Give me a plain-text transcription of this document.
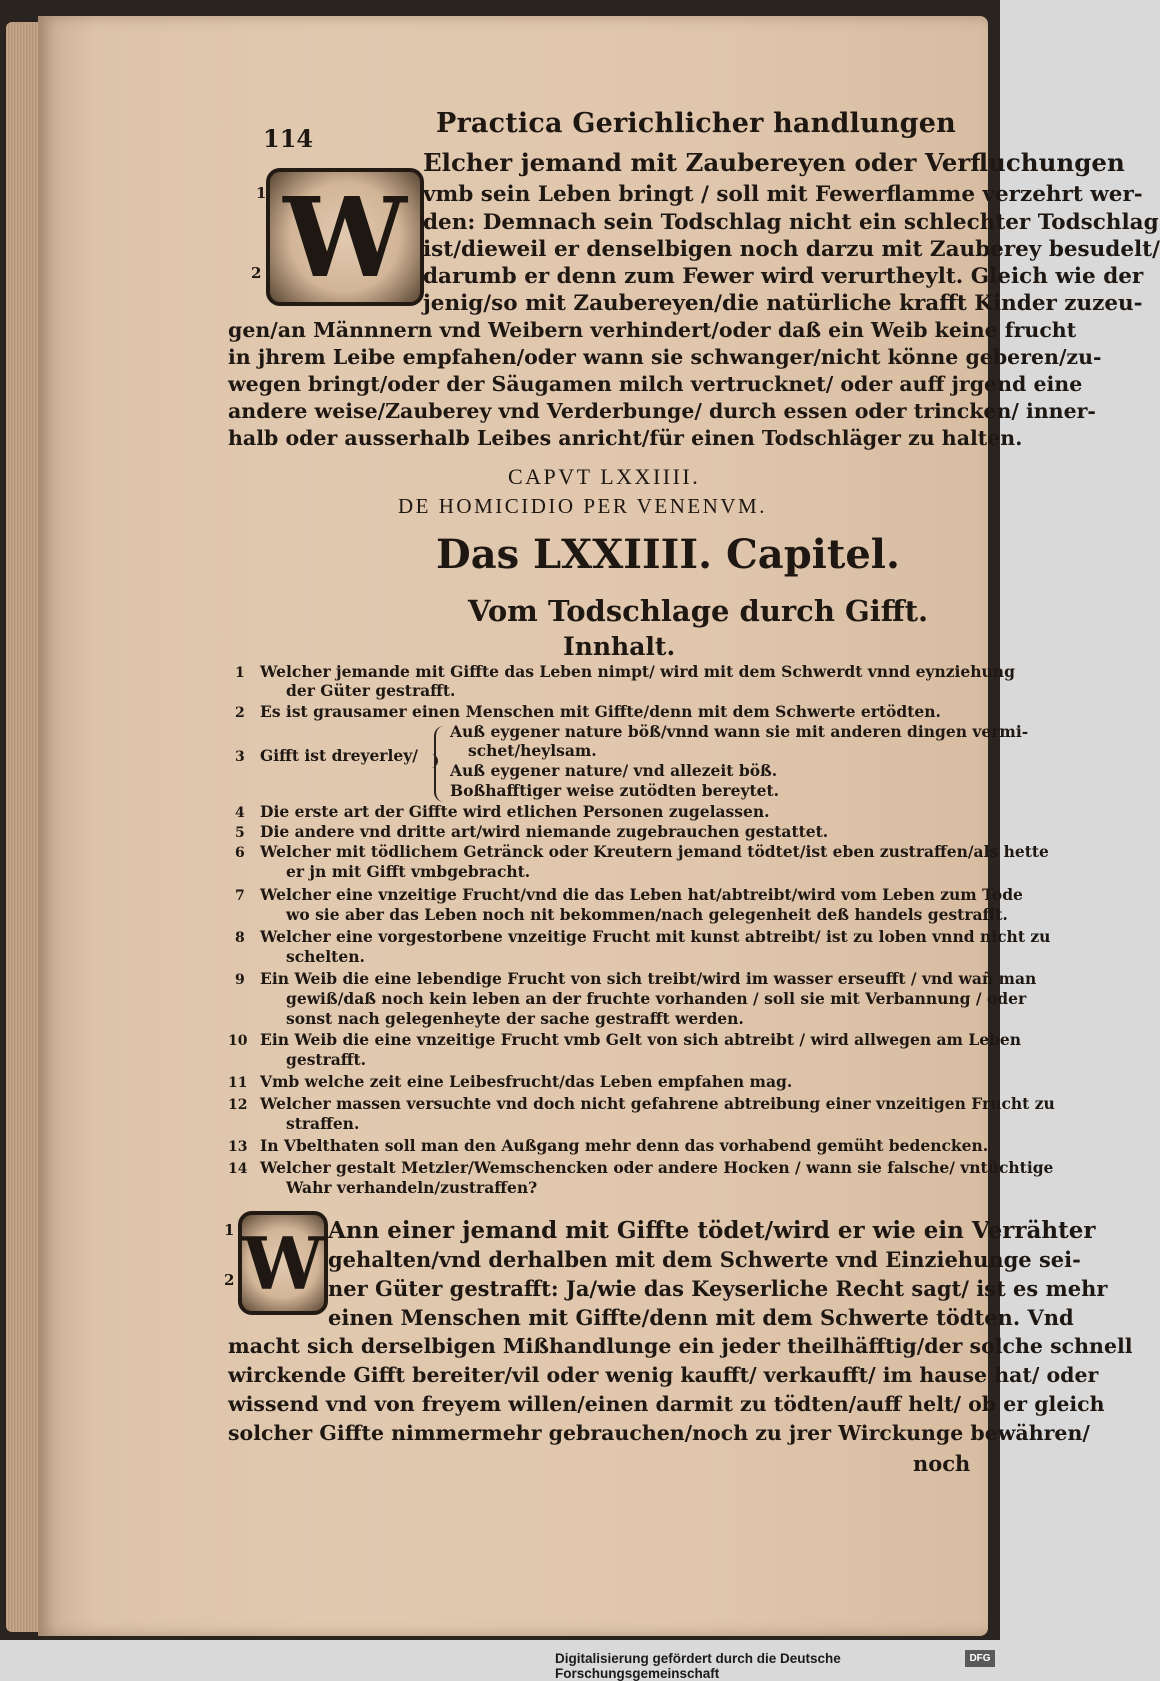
114	Practica Gerichlicher handlungen
W
1
2
Elcher jemand mit Zaubereyen oder Verfluchungen
vmb sein Leben bringt / soll mit Fewerflamme verzehrt wer-
den: Demnach sein Todschlag nicht ein schlechter Todschlag
ist/dieweil er denselbigen noch darzu mit Zauberey besudelt/
darumb er denn zum Fewer wird verurtheylt. Gleich wie der
jenig/so mit Zaubereyen/die natürliche krafft Kinder zuzeu-
gen/an Männnern vnd Weibern verhindert/oder daß ein Weib keine frucht
in jhrem Leibe empfahen/oder wann sie schwanger/nicht könne geberen/zu-
wegen bringt/oder der Säugamen milch vertrucknet/ oder auff jrgend eine
andere weise/Zauberey vnd Verderbunge/ durch essen oder trincken/ inner-
halb oder ausserhalb Leibes anricht/für einen Todschläger zu halten.
CAPVT LXXIIII.
DE HOMICIDIO PER VENENVM.
Das LXXIIII. Capitel.
Vom Todschlage durch Gifft.
Innhalt.
1 Welcher jemande mit Giffte das Leben nimpt/ wird mit dem Schwerdt vnnd eynziehung
der Güter gestrafft.
2 Es ist grausamer einen Menschen mit Giffte/denn mit dem Schwerte ertödten.
3 Gifft ist dreyerley/
Auß eygener nature böß/vnnd wann sie mit anderen dingen vermi-
schet/heylsam.
Auß eygener nature/ vnd allezeit böß.
Boßhafftiger weise zutödten bereytet.
4 Die erste art der Giffte wird etlichen Personen zugelassen.
5 Die andere vnd dritte art/wird niemande zugebrauchen gestattet.
6 Welcher mit tödlichem Getränck oder Kreutern jemand tödtet/ist eben zustraffen/als hette
er jn mit Gifft vmbgebracht.
7 Welcher eine vnzeitige Frucht/vnd die das Leben hat/abtreibt/wird vom Leben zum Tode
wo sie aber das Leben noch nit bekommen/nach gelegenheit deß handels gestrafft.
8 Welcher eine vorgestorbene vnzeitige Frucht mit kunst abtreibt/ ist zu loben vnnd nicht zu
schelten.
9 Ein Weib die eine lebendige Frucht von sich treibt/wird im wasser erseufft / vnd wañ man
gewiß/daß noch kein leben an der fruchte vorhanden / soll sie mit Verbannung / oder
sonst nach gelegenheyte der sache gestrafft werden.
10 Ein Weib die eine vnzeitige Frucht vmb Gelt von sich abtreibt / wird allwegen am Leben
gestrafft.
11 Vmb welche zeit eine Leibesfrucht/das Leben empfahen mag.
12 Welcher massen versuchte vnd doch nicht gefahrene abtreibung einer vnzeitigen Frucht zu
straffen.
13 In Vbelthaten soll man den Außgang mehr denn das vorhabend gemüht bedencken.
14 Welcher gestalt Metzler/Wemschencken oder andere Hocken / wann sie falsche/ vntüchtige
Wahr verhandeln/zustraffen?
W
1
2
Ann einer jemand mit Giffte tödet/wird er wie ein Verrähter
gehalten/vnd derhalben mit dem Schwerte vnd Einziehunge sei-
ner Güter gestrafft: Ja/wie das Keyserliche Recht sagt/ ist es mehr
einen Menschen mit Giffte/denn mit dem Schwerte tödten. Vnd
macht sich derselbigen Mißhandlunge ein jeder theilhäfftig/der solche schnell
wirckende Gifft bereiter/vil oder wenig kaufft/ verkaufft/ im hause hat/ oder
wissend vnd von freyem willen/einen darmit zu tödten/auff helt/ ob er gleich
solcher Giffte nimmermehr gebrauchen/noch zu jrer Wirckunge bewähren/
noch
Digitalisierung gefördert durch die Deutsche Forschungsgemeinschaft
DFG
